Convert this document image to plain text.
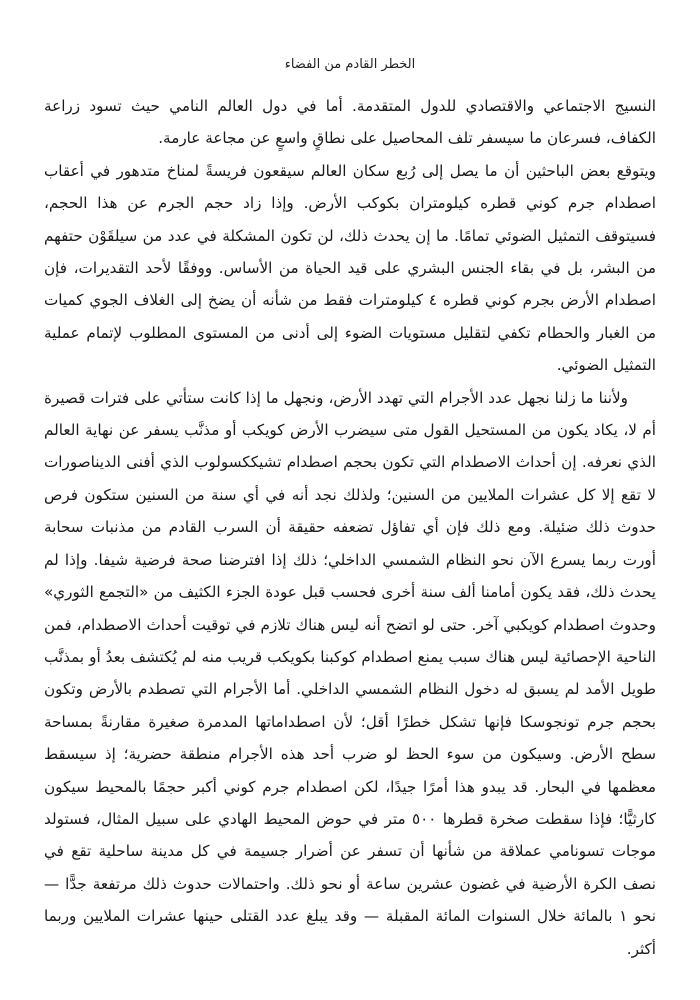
الخطر القادم من الفضاء

النسيج الاجتماعي والاقتصادي للدول المتقدمة. أما في دول العالم النامي حيث تسود زراعة الكفاف، فسرعان ما سيسفر تلف المحاصيل على نطاقٍ واسعٍ عن مجاعة عارمة.

ويتوقع بعض الباحثين أن ما يصل إلى رُبع سكان العالم سيقعون فريسةً لمناخ متدهور في أعقاب اصطدام جرم كوني قطره كيلومتران بكوكب الأرض. وإذا زاد حجم الجرم عن هذا الحجم، فسيتوقف التمثيل الضوئي تمامًا. ما إن يحدث ذلك، لن تكون المشكلة في عدد من سيلقَوْن حتفهم من البشر، بل في بقاء الجنس البشري على قيد الحياة من الأساس. ووفقًا لأحد التقديرات، فإن اصطدام الأرض بجرم كوني قطره ٤ كيلومترات فقط من شأنه أن يضخ إلى الغلاف الجوي كميات من الغبار والحطام تكفي لتقليل مستويات الضوء إلى أدنى من المستوى المطلوب لإتمام عملية التمثيل الضوئي.

ولأننا ما زلنا نجهل عدد الأجرام التي تهدد الأرض، ونجهل ما إذا كانت ستأتي على فترات قصيرة أم لا، يكاد يكون من المستحيل القول متى سيضرب الأرض كويكب أو مذنَّب يسفر عن نهاية العالم الذي نعرفه. إن أحداث الاصطدام التي تكون بحجم اصطدام تشيككسولوب الذي أفنى الديناصورات لا تقع إلا كل عشرات الملايين من السنين؛ ولذلك نجد أنه في أي سنة من السنين ستكون فرص حدوث ذلك ضئيلة. ومع ذلك فإن أي تفاؤل تضعفه حقيقة أن السرب القادم من مذنبات سحابة أورت ربما يسرع الآن نحو النظام الشمسي الداخلي؛ ذلك إذا افترضنا صحة فرضية شيفا. وإذا لم يحدث ذلك، فقد يكون أمامنا ألف سنة أخرى فحسب قبل عودة الجزء الكثيف من «التجمع الثوري» وحدوث اصطدام كويكبي آخر. حتى لو اتضح أنه ليس هناك تلازم في توقيت أحداث الاصطدام، فمن الناحية الإحصائية ليس هناك سبب يمنع اصطدام كوكبنا بكويكب قريب منه لم يُكتشف بعدُ أو بمذنَّب طويل الأمد لم يسبق له دخول النظام الشمسي الداخلي. أما الأجرام التي تصطدم بالأرض وتكون بحجم جرم تونجوسكا فإنها تشكل خطرًا أقل؛ لأن اصطداماتها المدمرة صغيرة مقارنةً بمساحة سطح الأرض. وسيكون من سوء الحظ لو ضرب أحد هذه الأجرام منطقة حضرية؛ إذ سيسقط معظمها في البحار. قد يبدو هذا أمرًا جيدًا، لكن اصطدام جرم كوني أكبر حجمًا بالمحيط سيكون كارثيًّا؛ فإذا سقطت صخرة قطرها ٥٠٠ متر في حوض المحيط الهادي على سبيل المثال، فستولد موجات تسونامي عملاقة من شأنها أن تسفر عن أضرار جسيمة في كل مدينة ساحلية تقع في نصف الكرة الأرضية في غضون عشرين ساعة أو نحو ذلك. واحتمالات حدوث ذلك مرتفعة جدًّا — نحو ١ بالمائة خلال السنوات المائة المقبلة — وقد يبلغ عدد القتلى حينها عشرات الملايين وربما أكثر.
